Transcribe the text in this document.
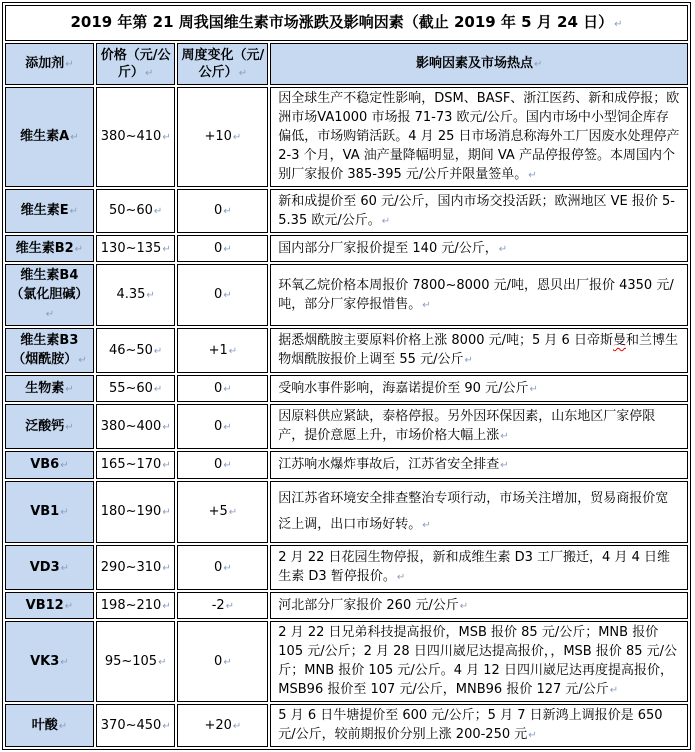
2019 年第 21 周我国维生素市场涨跌及影响因素（截止 2019 年 5 月 24 日）↵			
添加剂↵	价格（元/公斤）↵	周度变化（元/公斤）↵	影响因素及市场热点↵
维生素A↵	380~410↵	+10↵	因全球生产不稳定性影响，DSM、BASF、浙江医药、新和成停报；欧洲市场VA1000 市场报 71-73 欧元/公斤。国内市场中小型饲企库存偏低，市场购销活跃。4 月 25 日市场消息称海外工厂因废水处理停产 2-3 个月，VA 油产量降幅明显，期间 VA 产品停报停签。本周国内个别厂家报价 385-395 元/公斤并限量签单。↵
维生素E↵	50~60↵	0↵	新和成提价至 60 元/公斤，国内市场交投活跃；欧洲地区 VE 报价 5-5.35 欧元/公斤。↵
维生素B2↵	130~135↵	0↵	国内部分厂家报价提至 140 元/公斤，↵
维生素B4（氯化胆碱）↵	4.35↵	0↵	环氧乙烷价格本周报价 7800~8000 元/吨，恩贝出厂报价 4350 元/吨，部分厂家停报惜售。↵
维生素B3（烟酰胺）↵	46~50↵	+1↵	据悉烟酰胺主要原料价格上涨 8000 元/吨；5 月 6 日帝斯曼和兰博生物烟酰胺报价上调至 55 元/公斤↵
生物素↵	55~60↵	0↵	受响水事件影响，海嘉诺提价至 90 元/公斤↵
泛酸钙↵	380~400↵	0↵	因原料供应紧缺，泰格停报。另外因环保因素，山东地区厂家停限产，提价意愿上升，市场价格大幅上涨↵
VB6↵	165~170↵	0↵	江苏响水爆炸事故后，江苏省安全排查↵
VB1↵	180~190↵	+5↵	因江苏省环境安全排查整治专项行动，市场关注增加，贸易商报价宽泛上调，出口市场好转。↵
VD3↵	290~310↵	0↵	2 月 22 日花园生物停报，新和成维生素 D3 工厂搬迁，4 月 4 日维生素 D3 暂停报价。↵
VB12↵	198~210↵	-2↵	河北部分厂家报价 260 元/公斤↵
VK3↵	95~105↵	0↵	2 月 22 日兄弟科技提高报价，MSB 报价 85 元/公斤；MNB 报价 105 元/公斤；2 月 28 日四川崴尼达提高报价，，MSB 报价 85 元/公斤；MNB 报价 105 元/公斤。4 月 12 日四川崴尼达再度提高报价，MSB96 报价至 107 元/公斤，MNB96 报价 127 元/公斤↵
叶酸↵	370~450↵	+20↵	5 月 6 日牛塘提价至 600 元/公斤；5 月 7 日新鸿上调报价是 650 元/公斤，较前期报价分别上涨 200-250 元↵
